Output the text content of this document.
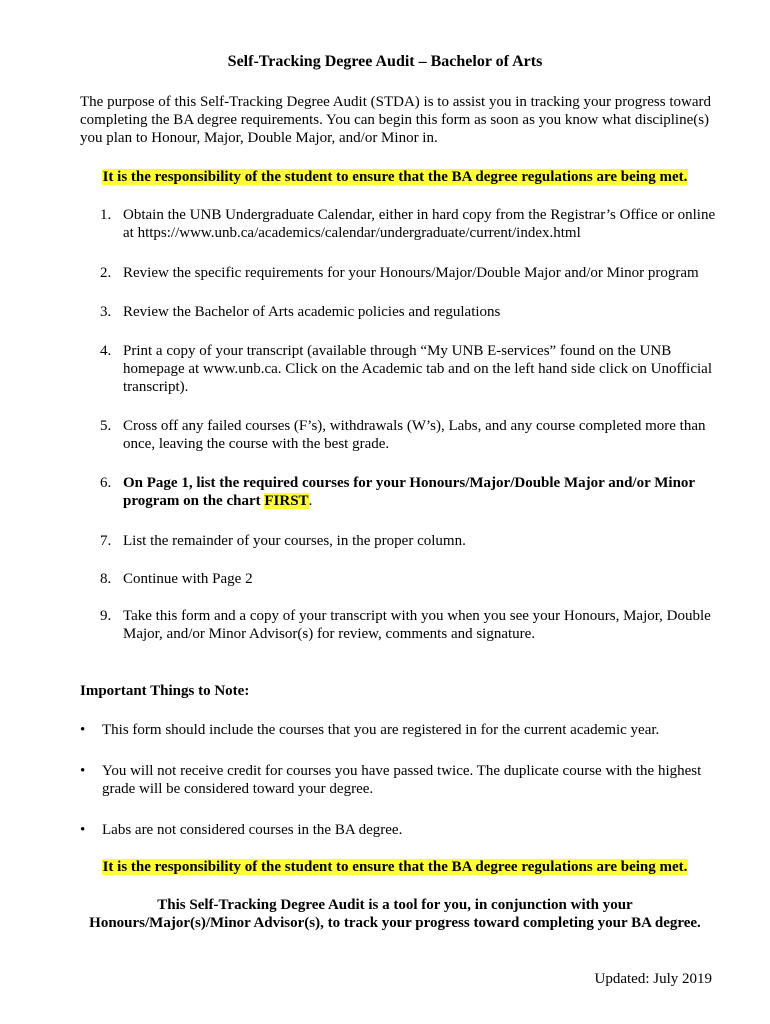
Self-Tracking Degree Audit – Bachelor of Arts
The purpose of this Self-Tracking Degree Audit (STDA) is to assist you in tracking your progress toward completing the BA degree requirements. You can begin this form as soon as you know what discipline(s) you plan to Honour, Major, Double Major, and/or Minor in.
It is the responsibility of the student to ensure that the BA degree regulations are being met.
1. Obtain the UNB Undergraduate Calendar, either in hard copy from the Registrar’s Office or online at https://www.unb.ca/academics/calendar/undergraduate/current/index.html
2. Review the specific requirements for your Honours/Major/Double Major and/or Minor program
3. Review the Bachelor of Arts academic policies and regulations
4. Print a copy of your transcript (available through “My UNB E-services” found on the UNB homepage at www.unb.ca. Click on the Academic tab and on the left hand side click on Unofficial transcript).
5. Cross off any failed courses (F’s), withdrawals (W’s), Labs, and any course completed more than once, leaving the course with the best grade.
6. On Page 1, list the required courses for your Honours/Major/Double Major and/or Minor program on the chart FIRST.
7. List the remainder of your courses, in the proper column.
8. Continue with Page 2
9. Take this form and a copy of your transcript with you when you see your Honours, Major, Double Major, and/or Minor Advisor(s) for review, comments and signature.
Important Things to Note:
• This form should include the courses that you are registered in for the current academic year.
• You will not receive credit for courses you have passed twice. The duplicate course with the highest grade will be considered toward your degree.
• Labs are not considered courses in the BA degree.
It is the responsibility of the student to ensure that the BA degree regulations are being met.
This Self-Tracking Degree Audit is a tool for you, in conjunction with your
Honours/Major(s)/Minor Advisor(s), to track your progress toward completing your BA degree.
Updated: July 2019
